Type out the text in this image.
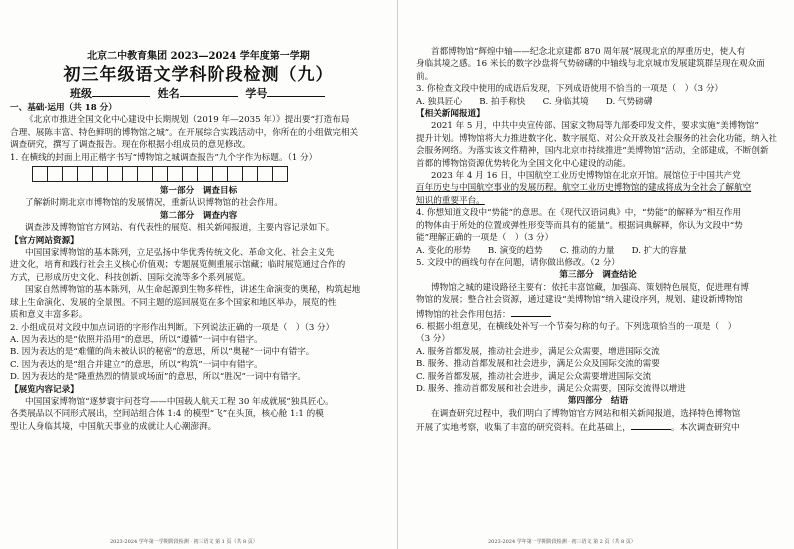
北京二中教育集团 2023—2024 学年度第一学期
初三年级语文学科阶段检测（九）
班级	姓名	学号
一、基础·运用（共 18 分）
《北京市推进全国文化中心建设中长期规划（2019 年—2035 年）》提出要“打造布局
合理、展陈丰富、特色鲜明的博物馆之城”。在开展综合实践活动中，你所在的小组做完相关
调查研究，撰写了调查报告。现在你根据小组成员的意见修改。
1. 在横线的封面上用正楷字书写“博物馆之城调查报告”九个字作为标题。（1 分）
第一部分　调查目标
了解新时期北京市博物馆的发展情况，重新认识博物馆的社会作用。
第二部分　调查内容
调查涉及博物馆官方网站、有代表性的展览、相关新闻报道，主要内容记录如下。
【官方网站资源】
中国国家博物馆的基本陈列，立足弘扬中华优秀传统文化、革命文化、社会主义先
进文化，培育和践行社会主义核心价值观；专题展览侧重展示馆藏；临时展览通过合作的
方式，已形成历史文化、科技创新、国际交流等多个系列展览。
国家自然博物馆的基本陈列，从生命起源到生物多样性，讲述生命演变的奥秘，构筑起地
球上生命演化、发展的全景图。不同主题的巡回展览在多个国家和地区举办，展览的性
质和意义丰富多彩。
2. 小组成员对文段中加点词语的字形作出判断。下列说法正确的一项是（　）（3 分）
A. 因为表达的是“依照并沿用”的意思，所以“遵循”一词中有错字。
B. 因为表达的是“难懂的尚未被认识的秘密”的意思，所以“奥秘”一词中有错字。
C. 因为表达的是“组合并建立”的意思，所以“构筑”一词中有错字。
D. 因为表达的是“隆重热烈的情景或场面”的意思，所以“胜况”一词中有错字。
【展览内容记录】
中国国家博物馆“逐梦寰宇问苍穹——中国载人航天工程 30 年成就展”独具匠心。
各类展品以不同形式展出，空间站组合体 1:4 的模型“飞”在头顶，核心舱 1:1 的模
型让人身临其境，中国航天事业的成就让人心潮澎湃。
2023-2024 学年第一学期阶段检测 · 初三语文 第 1 页（共 8 页）
首都博物馆“辉煌中轴——纪念北京建都 870 周年展”展现北京的厚重历史，使人有
身临其境之感。16 米长的数字沙盘将气势磅礴的中轴线与北京城市发展建筑群呈现在观众面
前。
3. 你检查文段中使用的成语后发现，下列成语使用不恰当的一项是（　）（3 分）
A. 独具匠心　　B. 拍手称快　　C. 身临其境　　D. 气势磅礴
【相关新闻报道】
2021 年 5 月，中共中央宣传部、国家文物局等九部委印发文件，要求实施“美博物馆”
提升计划。博物馆将大力推进数字化、数字展览、对公众开放及社会服务的社会化功能，纳入社
会服务网络。为落实该文件精神，国内北京市持续推进“美博物馆”活动，全部建成，不断创新
首都的博物馆资源优势转化为全国文化中心建设的动能。
2023 年 4 月 16 日，中国航空工业历史博物馆在北京开馆。展馆位于中国共产党
百年历史与中国航空事业的发展历程。航空工业历史博物馆的建成将成为全社会了解航空
知识的重要平台。
4. 你想知道文段中“势能”的意思。在《现代汉语词典》中，“势能”的解释为“相互作用
的物体由于所处的位置或弹性形变等而具有的能量”。根据词典解释，你认为文段中“势
能”理解正确的一项是（　）（3 分）
A. 变化的形势　　B. 演变的趋势　　C. 推动的力量　　D. 扩大的容量
5. 文段中的画线句存在问题，请你做出修改。（2 分）
第三部分　调查结论
博物馆之城的建设路径主要有：依托丰富馆藏，加强高、策划特色展览，促进理有博
物馆的发展；整合社会资源，通过建设“美博物馆”纳入建设序列，规划、建设新博物馆
博物馆的社会作用包括：
6. 根据小组意见，在横线处补写一个节奏匀称的句子。下列选项恰当的一项是（　）
（3 分）
A. 服务首都发展，推动社会进步，满足公众需要，增进国际交流
B. 服务、推动首都发展和社会进步，满足公众及国际交流的需要
C. 服务首都发展，推动社会进步，满足公众需要增进国际交流
D. 服务、推动首都发展和社会进步，满足公众需要，国际交流得以增进
第四部分　结语
在调查研究过程中，我们明白了博物馆官方网站和相关新闻报道，选择特色博物馆
开展了实地考察，收集了丰富的研究资料。在此基础上，	。本次调查研究中
2023-2024 学年第一学期阶段检测 · 初三语文 第 2 页（共 8 页）
